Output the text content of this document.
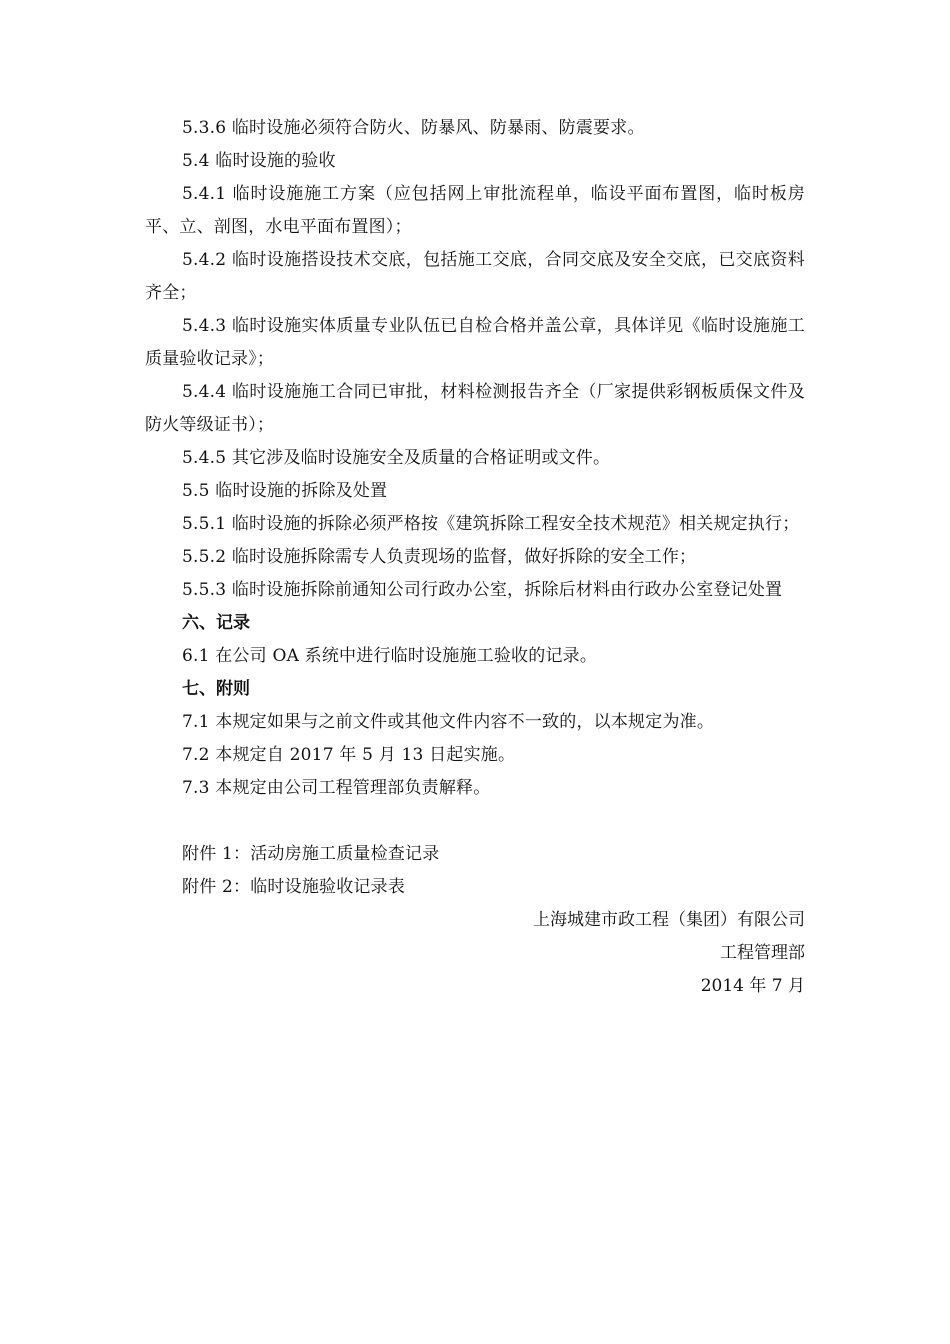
5.3.6 临时设施必须符合防火、防暴风、防暴雨、防震要求。

5.4 临时设施的验收

5.4.1 临时设施施工方案（应包括网上审批流程单，临设平面布置图，临时板房平、立、剖图，水电平面布置图）；

5.4.2 临时设施搭设技术交底，包括施工交底，合同交底及安全交底，已交底资料齐全；

5.4.3 临时设施实体质量专业队伍已自检合格并盖公章，具体详见《临时设施施工质量验收记录》；

5.4.4 临时设施施工合同已审批，材料检测报告齐全（厂家提供彩钢板质保文件及防火等级证书）；

5.4.5 其它涉及临时设施安全及质量的合格证明或文件。

5.5 临时设施的拆除及处置

5.5.1 临时设施的拆除必须严格按《建筑拆除工程安全技术规范》相关规定执行；

5.5.2 临时设施拆除需专人负责现场的监督，做好拆除的安全工作；

5.5.3 临时设施拆除前通知公司行政办公室，拆除后材料由行政办公室登记处置

六、记录

6.1 在公司 OA 系统中进行临时设施施工验收的记录。

七、附则

7.1 本规定如果与之前文件或其他文件内容不一致的，以本规定为准。

7.2 本规定自 2017 年 5 月 13 日起实施。

7.3 本规定由公司工程管理部负责解释。

附件 1：活动房施工质量检查记录

附件 2：临时设施验收记录表

上海城建市政工程（集团）有限公司

工程管理部

2014 年 7 月
